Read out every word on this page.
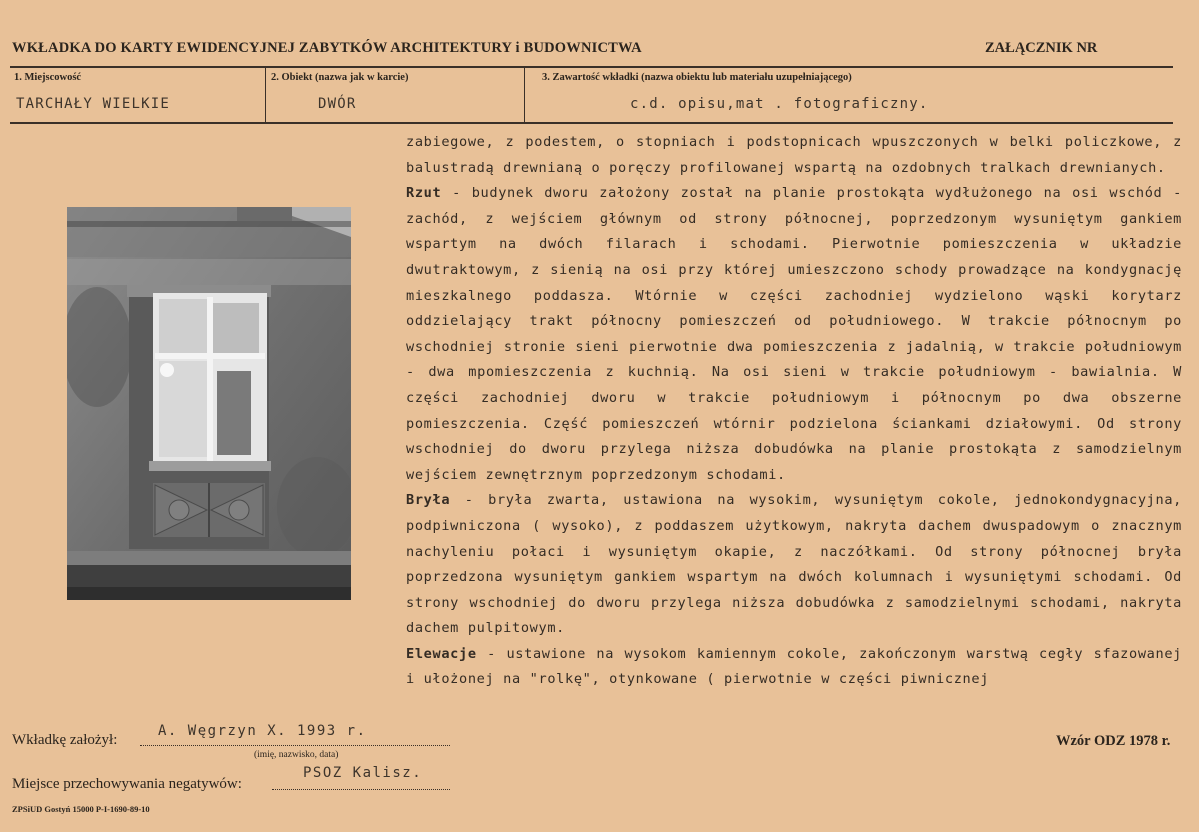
WKŁADKA DO KARTY EWIDENCYJNEJ ZABYTKÓW ARCHITEKTURY i BUDOWNICTWA	ZAŁĄCZNIK NR
1. Miejscowość
TARCHAŁY WIELKIE
2. Obiekt (nazwa jak w karcie)
DWÓR
3. Zawartość wkładki (nazwa obiektu lub materiału uzupełniającego)
c.d. opisu,mat . fotograficzny.

zabiegowe, z podestem, o stopniach i podstopnicach wpuszczonych w belki policzkowe, z balustradą drewnianą o poręczy profilowanej wspartą na ozdobnych tralkach drewnianych.

Rzut - budynek dworu założony został na planie prostokąta wydłużonego na osi wschód - zachód, z wejściem głównym od strony północnej, poprzedzonym wysuniętym gankiem wspartym na dwóch filarach i schodami. Pierwotnie pomieszczenia w układzie dwutraktowym, z sienią na osi przy której umieszczono schody prowadzące na kondygnację mieszkalnego poddasza. Wtórnie w części zachodniej wydzielono wąski korytarz oddzielający trakt północny pomieszczeń od południowego. W trakcie północnym po wschodniej stronie sieni pierwotnie dwa pomieszczenia z jadalnią, w trakcie południowym - dwa mpomieszczenia z kuchnią. Na osi sieni w trakcie południowym - bawialnia. W części zachodniej dworu w trakcie południowym i północnym po dwa obszerne pomieszczenia. Część pomieszczeń wtórnir podzielona ściankami działowymi. Od strony wschodniej do dworu przylega niższa dobudówka na planie prostokąta z samodzielnym wejściem zewnętrznym poprzedzonym schodami.

Bryła - bryła zwarta, ustawiona na wysokim, wysuniętym cokole, jednokondygnacyjna, podpiwniczona ( wysoko), z poddaszem użytkowym, nakryta dachem dwuspadowym o znacznym nachyleniu połaci i wysuniętym okapie, z naczółkami. Od strony północnej bryła poprzedzona wysuniętym gankiem wspartym na dwóch kolumnach i wysuniętymi schodami. Od strony wschodniej do dworu przylega niższa dobudówka z samodzielnymi schodami, nakryta dachem pulpitowym.

Elewacje - ustawione na wysokom kamiennym cokole, zakończonym warstwą cegły sfazowanej i ułożonej na "rolkę", otynkowane ( pierwotnie w części piwnicznej

Wkładkę założył:
A. Węgrzyn X. 1993 r.
(imię, nazwisko, data)
Wzór ODZ 1978 r.
Miejsce przechowywania negatywów:
PSOZ Kalisz.
ZPSiUD Gostyń 15000 P-I-1690-89-10
